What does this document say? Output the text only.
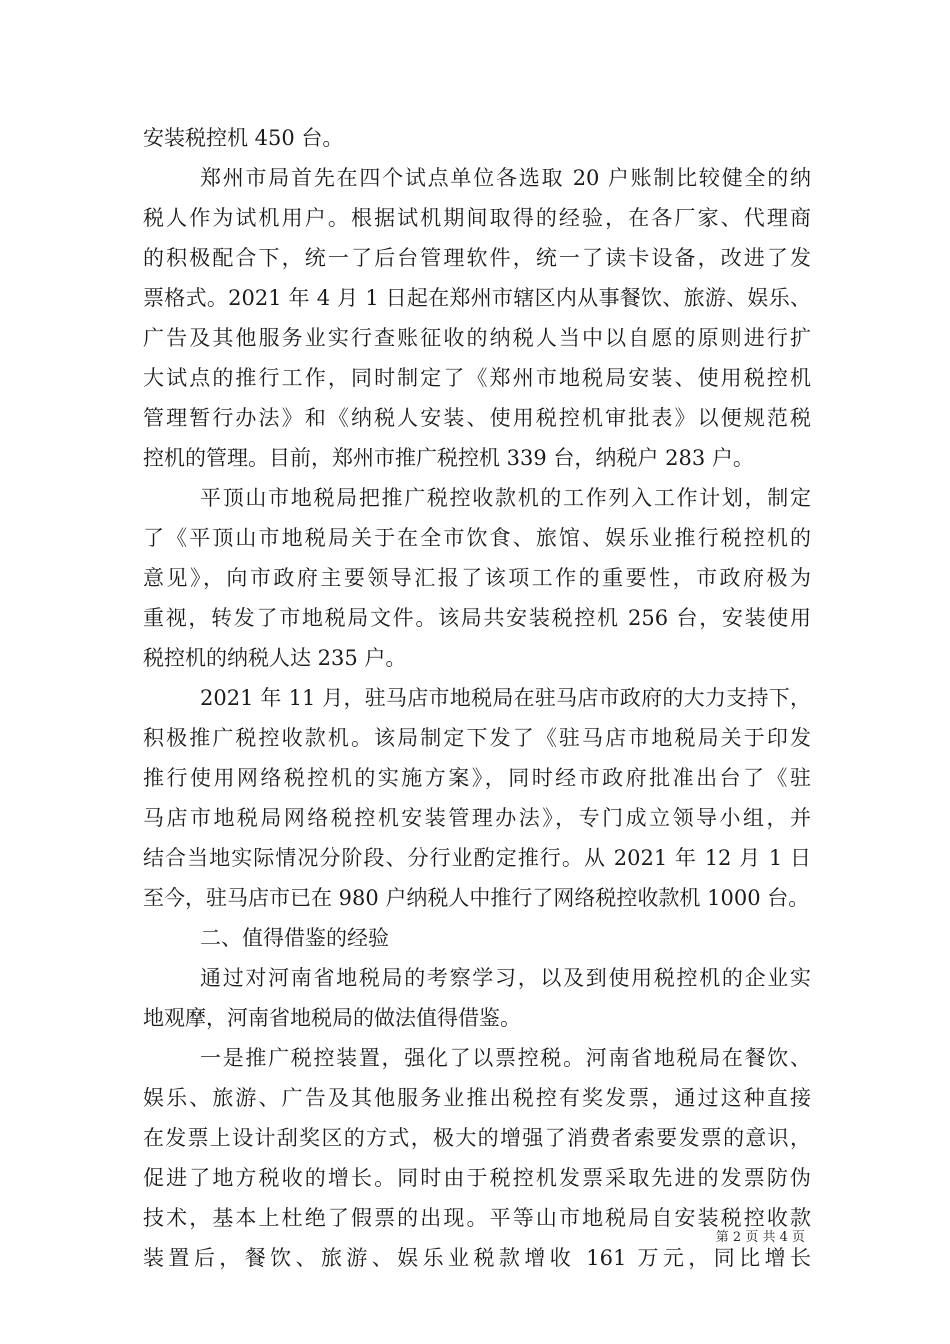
安装税控机 450 台。
郑州市局首先在四个试点单位各选取 20 户账制比较健全的纳
税人作为试机用户。根据试机期间取得的经验，在各厂家、代理商
的积极配合下，统一了后台管理软件，统一了读卡设备，改进了发
票格式。2021 年 4 月 1 日起在郑州市辖区内从事餐饮、旅游、娱乐、
广告及其他服务业实行查账征收的纳税人当中以自愿的原则进行扩
大试点的推行工作，同时制定了《郑州市地税局安装、使用税控机
管理暂行办法》和《纳税人安装、使用税控机审批表》以便规范税
控机的管理。目前，郑州市推广税控机 339 台，纳税户 283 户。
平顶山市地税局把推广税控收款机的工作列入工作计划，制定
了《平顶山市地税局关于在全市饮食、旅馆、娱乐业推行税控机的
意见》，向市政府主要领导汇报了该项工作的重要性，市政府极为
重视，转发了市地税局文件。该局共安装税控机 256 台，安装使用
税控机的纳税人达 235 户。
2021 年 11 月，驻马店市地税局在驻马店市政府的大力支持下，
积极推广税控收款机。该局制定下发了《驻马店市地税局关于印发
推行使用网络税控机的实施方案》，同时经市政府批准出台了《驻
马店市地税局网络税控机安装管理办法》，专门成立领导小组，并
结合当地实际情况分阶段、分行业酌定推行。从 2021 年 12 月 1 日
至今，驻马店市已在 980 户纳税人中推行了网络税控收款机 1000 台。
二、值得借鉴的经验
通过对河南省地税局的考察学习，以及到使用税控机的企业实
地观摩，河南省地税局的做法值得借鉴。
一是推广税控装置，强化了以票控税。河南省地税局在餐饮、
娱乐、旅游、广告及其他服务业推出税控有奖发票，通过这种直接
在发票上设计刮奖区的方式，极大的增强了消费者索要发票的意识，
促进了地方税收的增长。同时由于税控机发票采取先进的发票防伪
技术，基本上杜绝了假票的出现。平等山市地税局自安装税控收款
装置后，餐饮、旅游、娱乐业税款增收 161 万元，同比增长
第 2 页 共 4 页
